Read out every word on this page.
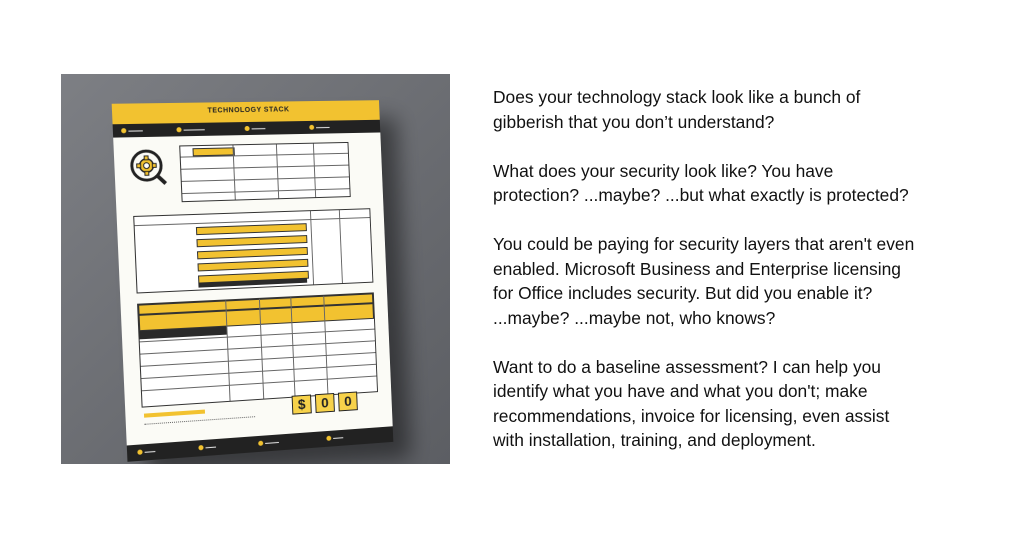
TECHNOLOGY STACK
▬▬▬▬	▬▬▬▬▬▬	▬▬▬▬	▬▬▬▬
$	0	0
▬▬▬
▬▬▬
▬▬▬▬
▬▬▬

Does your technology stack look like a bunch of
gibberish that you don’t understand?

What does your security look like? You have
protection? ...maybe? ...but what exactly is protected?

You could be paying for security layers that aren't even
enabled. Microsoft Business and Enterprise licensing
for Office includes security. But did you enable it?
...maybe? ...maybe not, who knows?

Want to do a baseline assessment? I can help you
identify what you have and what you don't; make
recommendations, invoice for licensing, even assist
with installation, training, and deployment.
